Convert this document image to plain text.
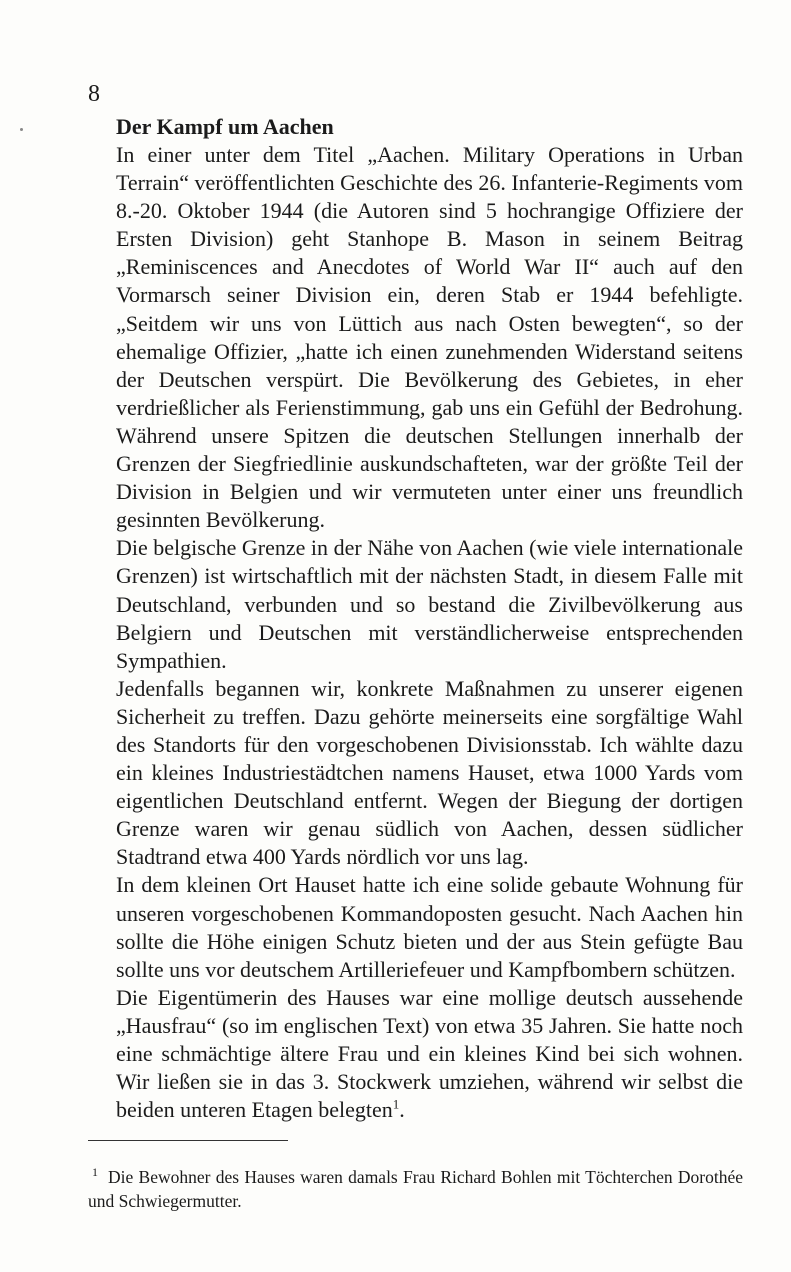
8
Der Kampf um Aachen

In einer unter dem Titel „Aachen. Military Operations in Urban Terrain“ veröffentlichten Geschichte des 26. Infanterie-Regiments vom 8.-20. Oktober 1944 (die Autoren sind 5 hochrangige Offiziere der Ersten Division) geht Stanhope B. Mason in seinem Beitrag „Reminiscences and Anecdotes of World War II“ auch auf den Vormarsch seiner Division ein, deren Stab er 1944 befehligte. „Seitdem wir uns von Lüttich aus nach Osten bewegten“, so der ehemalige Offizier, „hatte ich einen zunehmenden Widerstand seitens der Deutschen verspürt. Die Bevölkerung des Gebietes, in eher verdrießlicher als Ferienstimmung, gab uns ein Gefühl der Bedrohung. Während unsere Spitzen die deutschen Stellungen innerhalb der Grenzen der Siegfriedlinie auskundschafteten, war der größte Teil der Division in Belgien und wir vermuteten unter einer uns freundlich gesinnten Bevölkerung.

Die belgische Grenze in der Nähe von Aachen (wie viele internationale Grenzen) ist wirtschaftlich mit der nächsten Stadt, in diesem Falle mit Deutschland, verbunden und so bestand die Zivilbevölkerung aus Belgiern und Deutschen mit verständlicherweise entsprechenden Sympathien.

Jedenfalls begannen wir, konkrete Maßnahmen zu unserer eigenen Sicherheit zu treffen. Dazu gehörte meinerseits eine sorgfältige Wahl des Standorts für den vorgeschobenen Divisionsstab. Ich wählte dazu ein kleines Industriestädtchen namens Hauset, etwa 1000 Yards vom eigentlichen Deutschland entfernt. Wegen der Biegung der dortigen Grenze waren wir genau südlich von Aachen, dessen südlicher Stadtrand etwa 400 Yards nördlich vor uns lag.

In dem kleinen Ort Hauset hatte ich eine solide gebaute Wohnung für unseren vorgeschobenen Kommandoposten gesucht. Nach Aachen hin sollte die Höhe einigen Schutz bieten und der aus Stein gefügte Bau sollte uns vor deutschem Artilleriefeuer und Kampfbombern schützen.

Die Eigentümerin des Hauses war eine mollige deutsch aussehende „Hausfrau“ (so im englischen Text) von etwa 35 Jahren. Sie hatte noch eine schmächtige ältere Frau und ein kleines Kind bei sich wohnen. Wir ließen sie in das 3. Stockwerk umziehen, während wir selbst die beiden unteren Etagen belegten$^1$.

$^1$ Die Bewohner des Hauses waren damals Frau Richard Bohlen mit Töchterchen Dorothée und Schwiegermutter.
